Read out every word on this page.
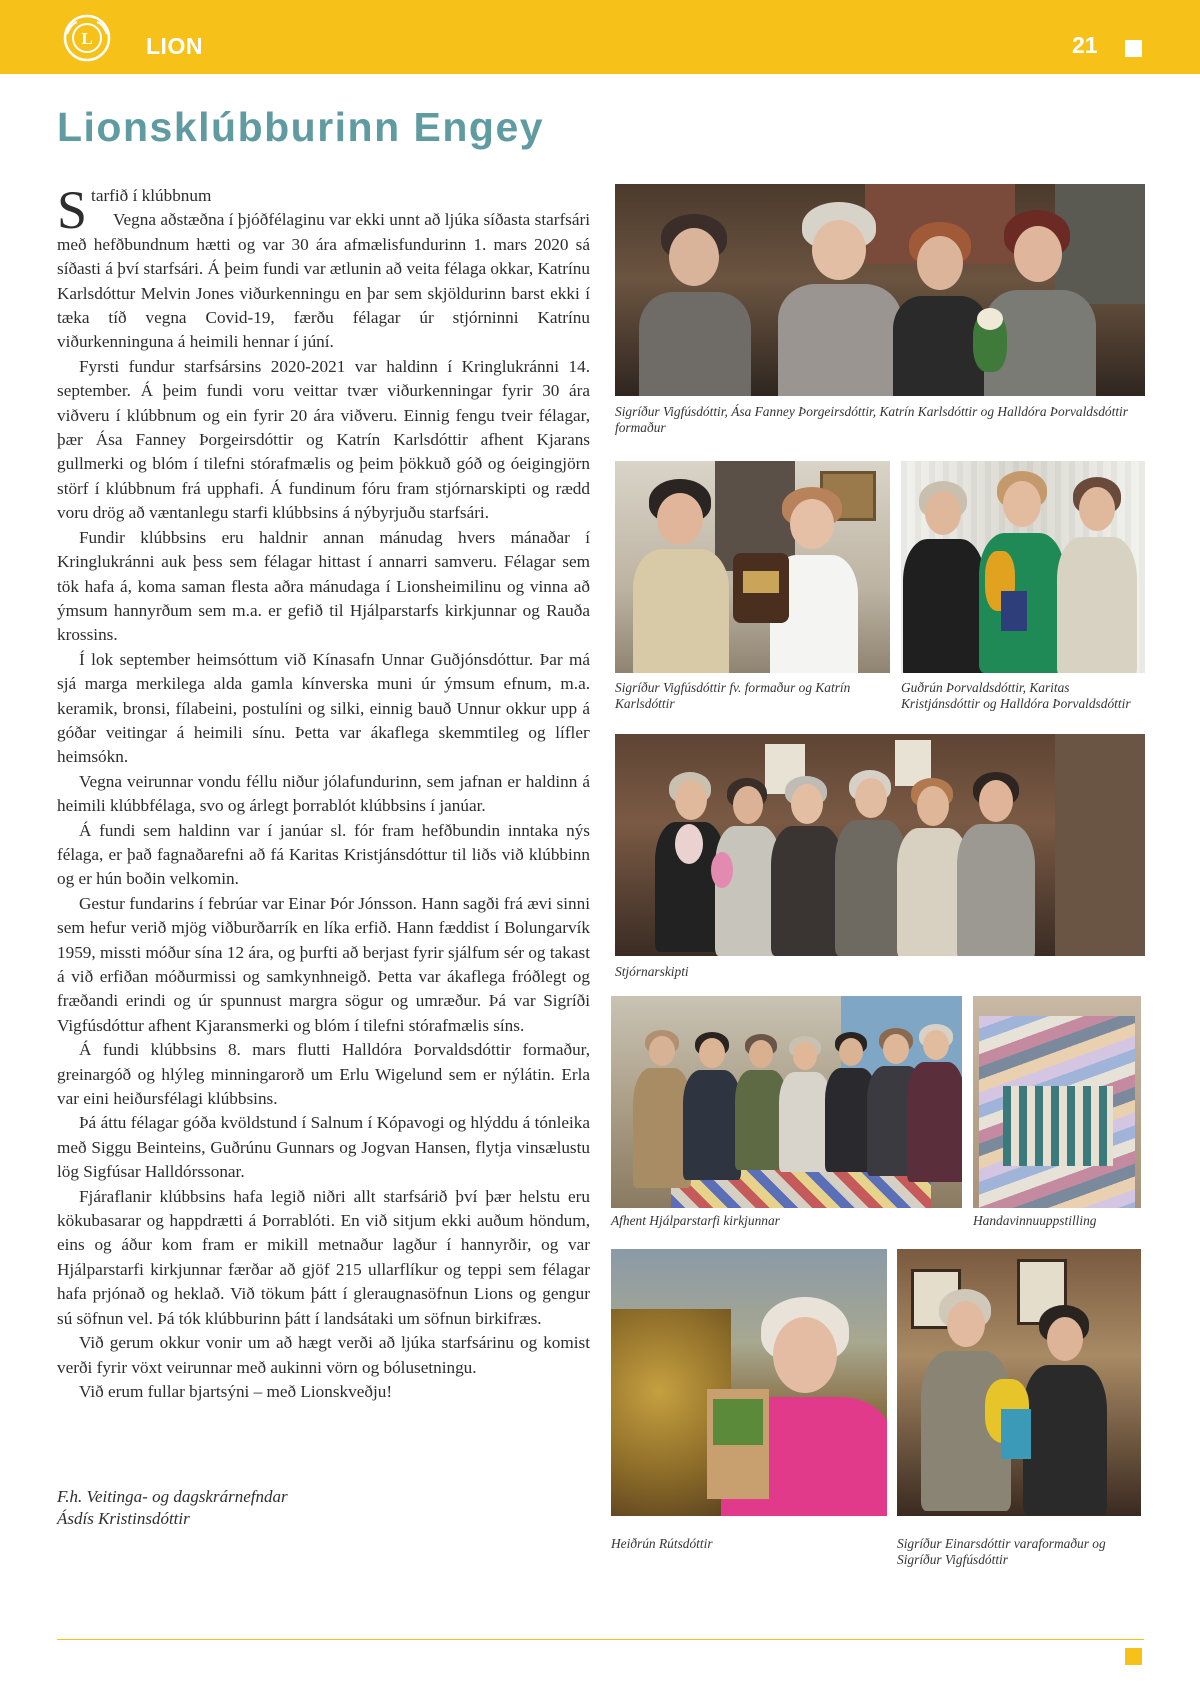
L LION	21
Lionsklúbburinn Engey

S tarfið í klúbbnum

Vegna aðstæðna í þjóðfélaginu var ekki unnt að ljúka síðasta starfsári með hefðbundnum hætti og var 30 ára afmælisfundurinn 1. mars 2020 sá síðasti á því starfsári. Á þeim fundi var ætlunin að veita félaga okkar, Katrínu Karlsdóttur Melvin Jones viðurkenningu en þar sem skjöldurinn barst ekki í tæka tíð vegna Covid-19, færðu félagar úr stjórninni Katrínu viðurkenninguna á heimili hennar í júní.

Fyrsti fundur starfsársins 2020-2021 var haldinn í Kringlukránni 14. september. Á þeim fundi voru veittar tvær viðurkenningar fyrir 30 ára viðveru í klúbbnum og ein fyrir 20 ára viðveru. Einnig fengu tveir félagar, þær Ása Fanney Þorgeirsdóttir og Katrín Karlsdóttir afhent Kjarans gullmerki og blóm í tilefni stórafmælis og þeim þökkuð góð og óeigingjörn störf í klúbbnum frá upphafi. Á fundinum fóru fram stjórnarskipti og rædd voru drög að væntanlegu starfi klúbbsins á nýbyrjuðu starfsári.

Fundir klúbbsins eru haldnir annan mánudag hvers mánaðar í Kringlukránni auk þess sem félagar hittast í annarri samveru. Félagar sem tök hafa á, koma saman flesta aðra mánudaga í Lionsheimilinu og vinna að ýmsum hannyrðum sem m.a. er gefið til Hjálparstarfs kirkjunnar og Rauða krossins.

Í lok september heimsóttum við Kínasafn Unnar Guðjónsdóttur. Þar má sjá marga merkilega alda gamla kínverska muni úr ýmsum efnum, m.a. keramik, bronsi, fílabeini, postulíni og silki, einnig bauð Unnur okkur upp á góðar veitingar á heimili sínu. Þetta var ákaflega skemmtileg og líflег heimsókn.

Vegna veirunnar vondu féllu niður jólafundurinn, sem jafnan er haldinn á heimili klúbbfélaga, svo og árlegt þorrablót klúbbsins í janúar.

Á fundi sem haldinn var í janúar sl. fór fram hefðbundin inntaka nýs félaga, er það fagnaðarefni að fá Karitas Kristjánsdóttur til liðs við klúbbinn og er hún boðin velkomin.

Gestur fundarins í febrúar var Einar Þór Jónsson. Hann sagði frá ævi sinni sem hefur verið mjög viðburðarrík en líka erfið. Hann fæddist í Bolungarvík 1959, missti móður sína 12 ára, og þurfti að berjast fyrir sjálfum sér og takast á við erfiðan móðurmissi og samkynhneigð. Þetta var ákaflega fróðlegt og fræðandi erindi og úr spunnust margra sögur og umræður. Þá var Sigríði Vigfúsdóttur afhent Kjaransmerki og blóm í tilefni stórafmælis síns.

Á fundi klúbbsins 8. mars flutti Halldóra Þorvaldsdóttir formaður, greinargóð og hlýleg minningarorð um Erlu Wigelund sem er nýlátin. Erla var eini heiðursfélagi klúbbsins.

Þá áttu félagar góða kvöldstund í Salnum í Kópavogi og hlýddu á tónleika með Siggu Beinteins, Guðrúnu Gunnars og Jogvan Hansen, flytja vinsælustu lög Sigfúsar Halldórssonar.

Fjáraflanir klúbbsins hafa legið niðri allt starfsárið því þær helstu eru kökubasarar og happdrætti á Þorrablóti. En við sitjum ekki auðum höndum, eins og áður kom fram er mikill metnaður lagður í hannyrðir, og var Hjálparstarfi kirkjunnar færðar að gjöf 215 ullarflíkur og teppi sem félagar hafa prjónað og heklað. Við tökum þátt í gleraugnasöfnun Lions og gengur sú söfnun vel. Þá tók klúbburinn þátt í landsátaki um söfnun birkifræs.

Við gerum okkur vonir um að hægt verði að ljúka starfsárinu og komist verði fyrir vöxt veirunnar með aukinni vörn og bólusetningu.

Við erum fullar bjartsýni – með Lionskveðju!

F.h. Veitinga- og dagskrárnefndar
Ásdís Kristinsdóttir
Sigríður Vigfúsdóttir, Ása Fanney Þorgeirsdóttir, Katrín Karlsdóttir og Halldóra Þorvaldsdóttir formaður
Sigríður Vigfúsdóttir fv. formaður og Katrín Karlsdóttir
Guðrún Þorvaldsdóttir, Karitas Kristjánsdóttir og Halldóra Þorvaldsdóttir
Stjórnarskipti
Afhent Hjálparstarfi kirkjunnar	Handavinnuuppstilling
Heiðrún Rútsdóttir	Sigríður Einarsdóttir varaformaður og Sigríður Vigfúsdóttir
